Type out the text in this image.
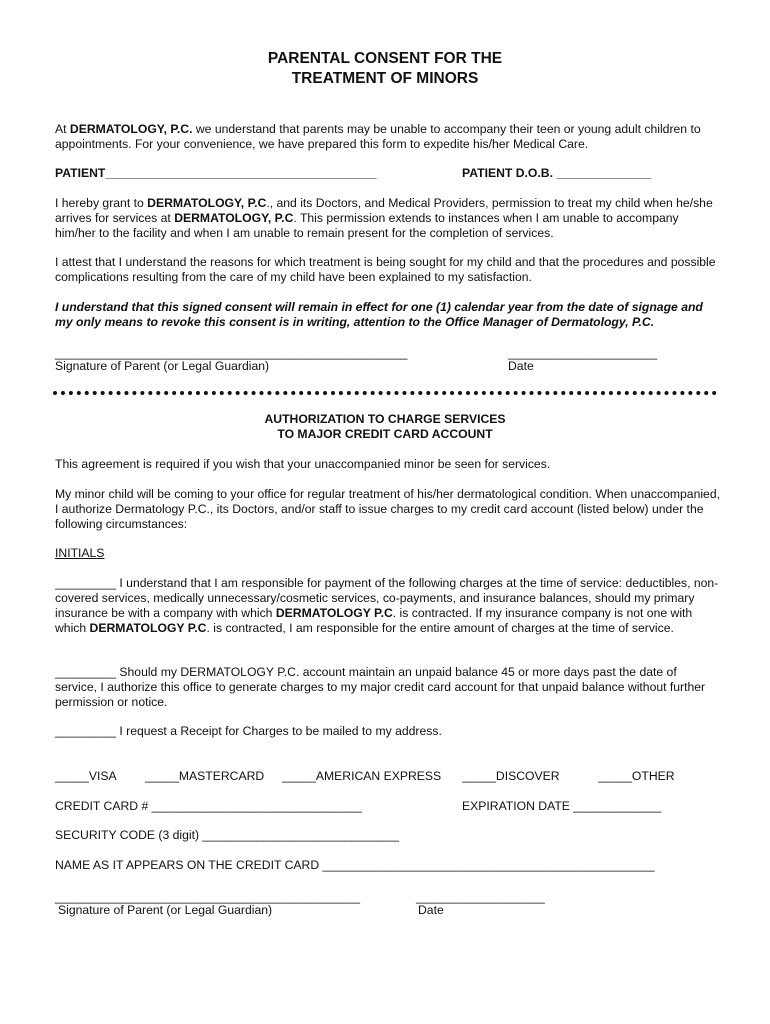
PARENTAL CONSENT FOR THE
TREATMENT OF MINORS
At DERMATOLOGY, P.C. we understand that parents may be unable to accompany their teen or young adult children to appointments. For your convenience, we have prepared this form to expedite his/her Medical Care.
PATIENT________________________________________	PATIENT D.O.B. ______________
I hereby grant to DERMATOLOGY, P.C., and its Doctors, and Medical Providers, permission to treat my child when he/she arrives for services at DERMATOLOGY, P.C. This permission extends to instances when I am unable to accompany him/her to the facility and when I am unable to remain present for the completion of services.
I attest that I understand the reasons for which treatment is being sought for my child and that the procedures and possible complications resulting from the care of my child have been explained to my satisfaction.
I understand that this signed consent will remain in effect for one (1) calendar year from the date of signage and my only means to revoke this consent is in writing, attention to the Office Manager of Dermatology, P.C.
____________________________________________________
Signature of Parent (or Legal Guardian)
______________________
Date
AUTHORIZATION TO CHARGE SERVICES
TO MAJOR CREDIT CARD ACCOUNT
This agreement is required if you wish that your unaccompanied minor be seen for services.
My minor child will be coming to your office for regular treatment of his/her dermatological condition. When unaccompanied, I authorize Dermatology P.C., its Doctors, and/or staff to issue charges to my credit card account (listed below) under the following circumstances:
INITIALS
_________ I understand that I am responsible for payment of the following charges at the time of service: deductibles, non-covered services, medically unnecessary/cosmetic services, co-payments, and insurance balances, should my primary insurance be with a company with which DERMATOLOGY P.C. is contracted. If my insurance company is not one with which DERMATOLOGY P.C. is contracted, I am responsible for the entire amount of charges at the time of service.
_________ Should my DERMATOLOGY P.C. account maintain an unpaid balance 45 or more days past the date of service, I authorize this office to generate charges to my major credit card account for that unpaid balance without further permission or notice.
_________ I request a Receipt for Charges to be mailed to my address.
_____VISA _____MASTERCARD _____AMERICAN EXPRESS _____DISCOVER	_____OTHER
CREDIT CARD # _______________________________	EXPIRATION DATE _____________
SECURITY CODE (3 digit) _____________________________
NAME AS IT APPEARS ON THE CREDIT CARD _________________________________________________
_____________________________________________
Signature of Parent (or Legal Guardian)
___________________
Date
